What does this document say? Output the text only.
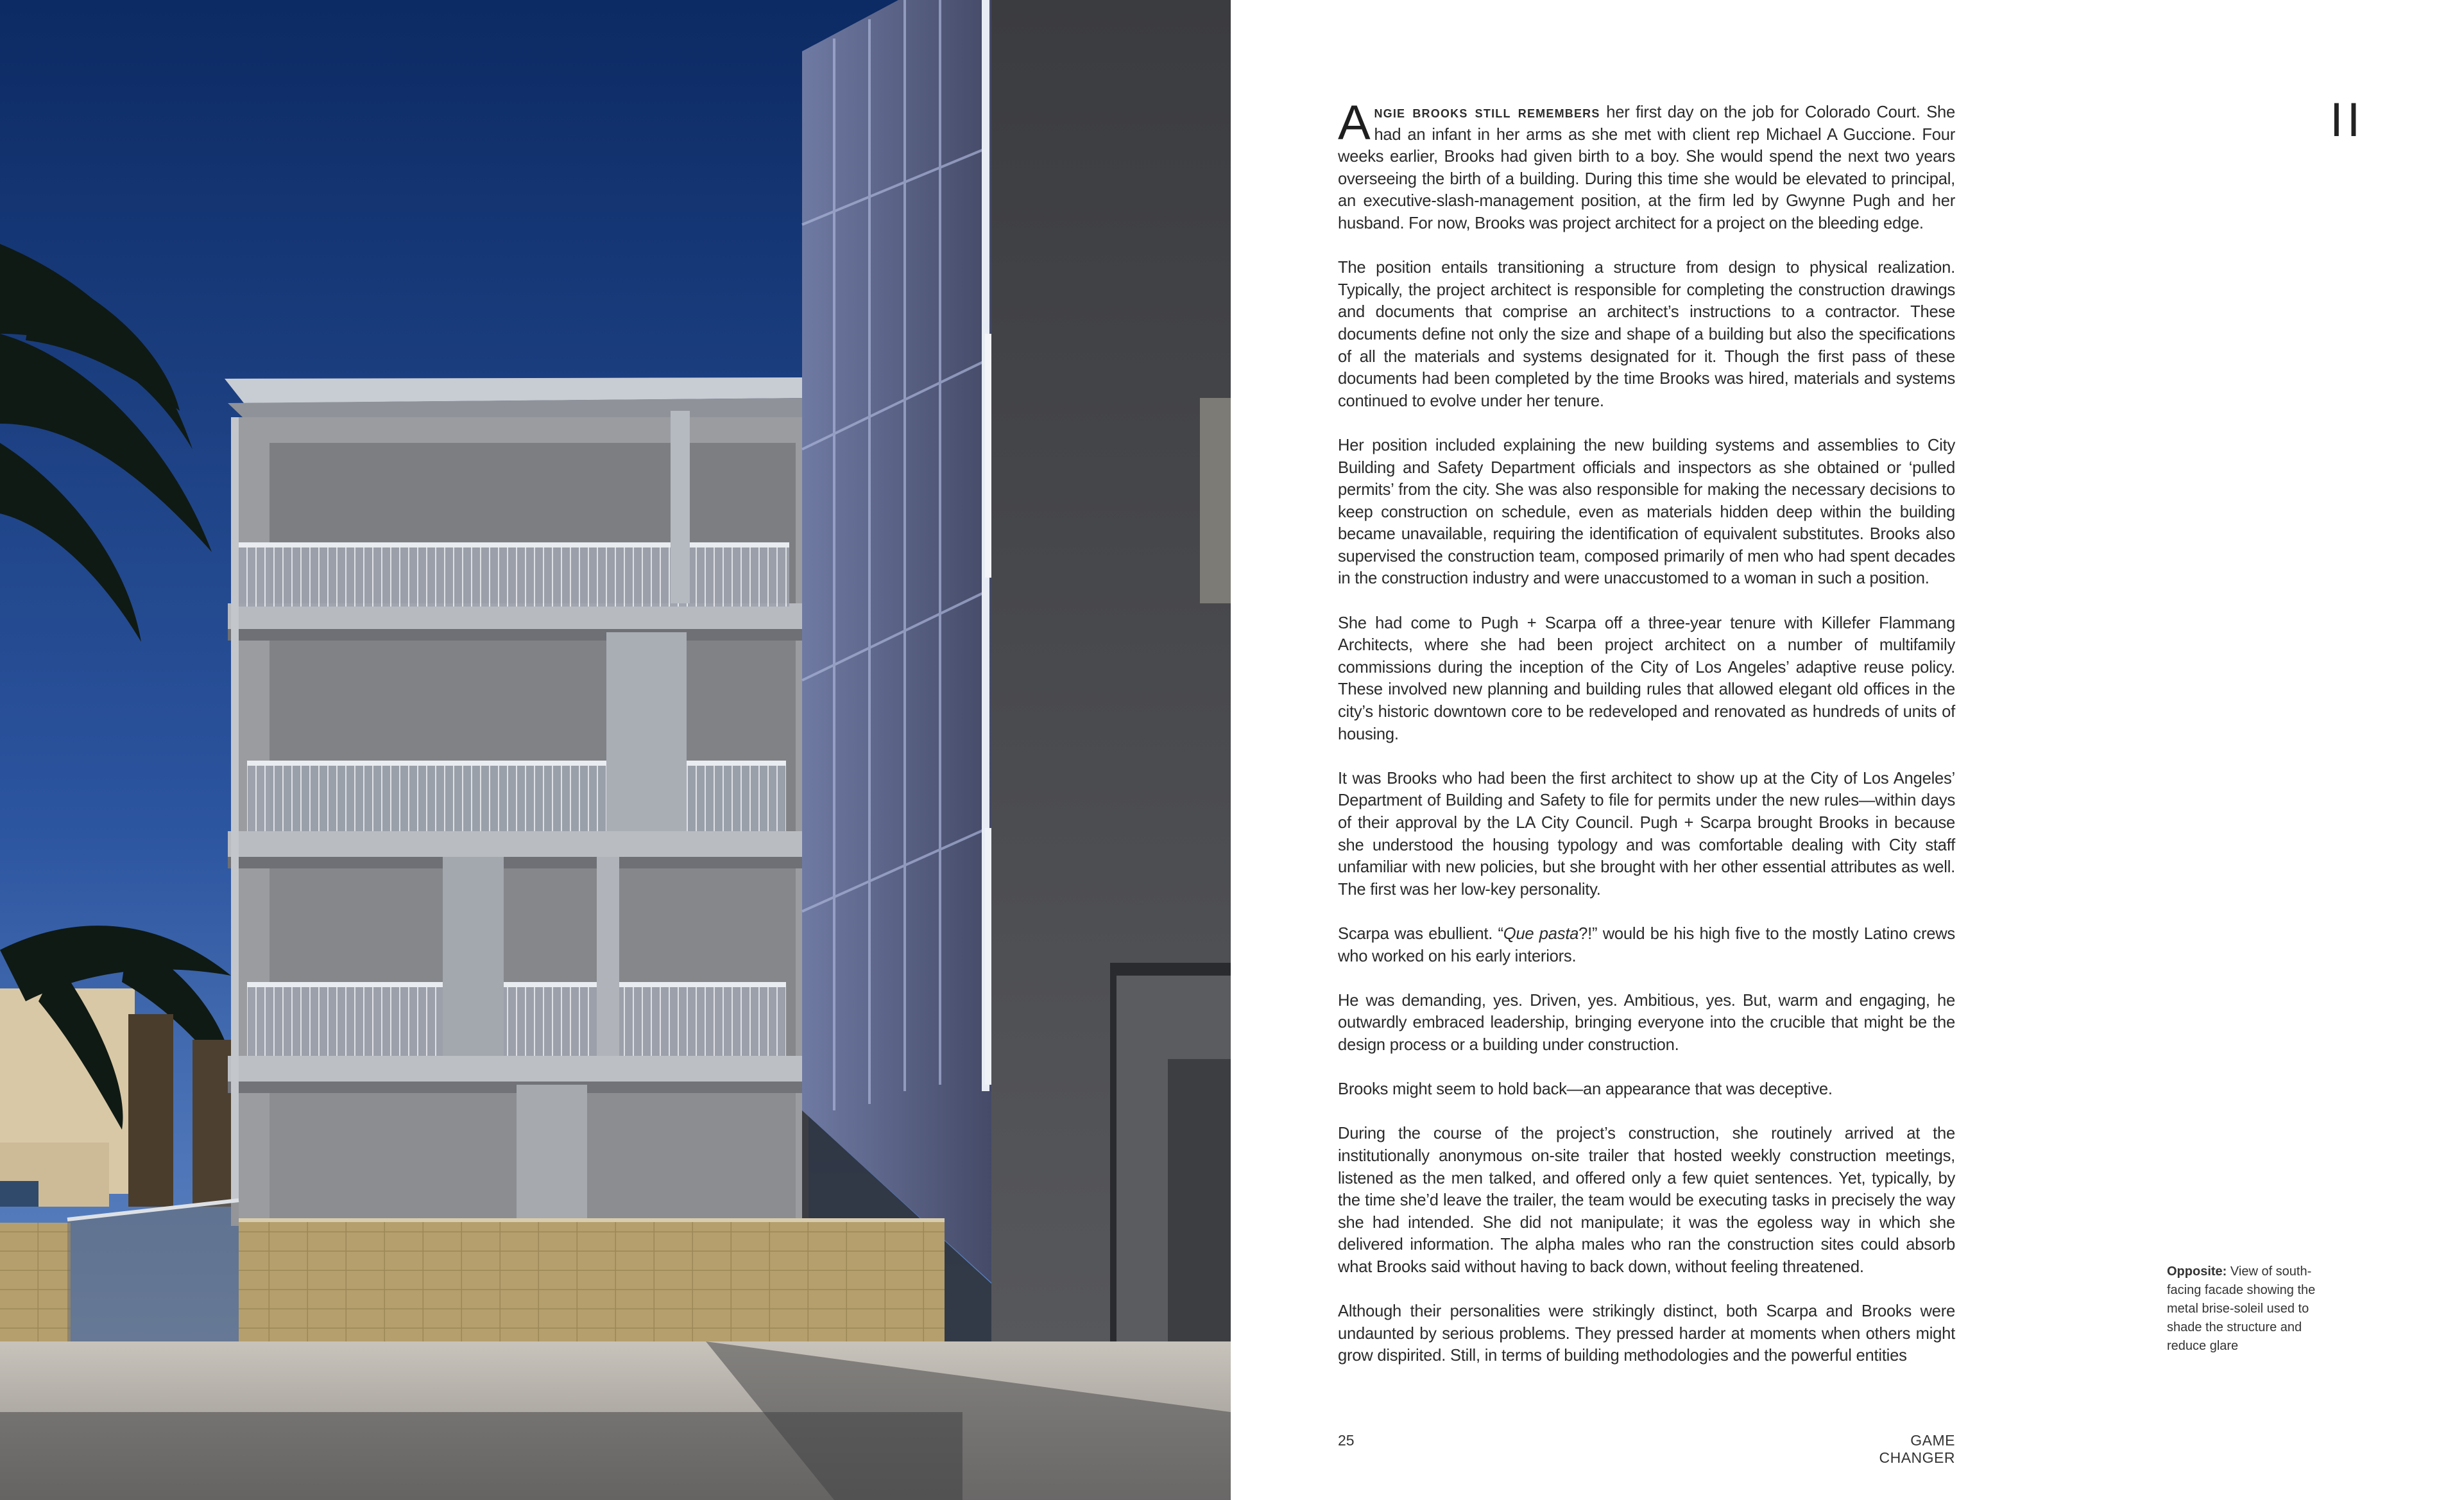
II

Angie brooks still remembers her first day on the job for Colorado Court. She had an infant in her arms as she met with client rep Michael A Guccione. Four weeks earlier, Brooks had given birth to a boy. She would spend the next two years overseeing the birth of a building. During this time she would be elevated to principal, an executive-slash-management position, at the firm led by Gwynne Pugh and her husband. For now, Brooks was project architect for a project on the bleeding edge.

The position entails transitioning a structure from design to physical realization. Typically, the project architect is responsible for completing the construction drawings and documents that comprise an architect’s instructions to a contractor. These documents define not only the size and shape of a building but also the specifications of all the materials and systems designated for it. Though the first pass of these documents had been completed by the time Brooks was hired, materials and systems continued to evolve under her tenure.

Her position included explaining the new building systems and assemblies to City Building and Safety Department officials and inspectors as she obtained or ‘pulled permits’ from the city. She was also responsible for making the necessary decisions to keep construction on schedule, even as materials hidden deep within the building became unavailable, requiring the identification of equivalent substitutes. Brooks also supervised the construction team, composed primarily of men who had spent decades in the construction industry and were unaccustomed to a woman in such a position.

She had come to Pugh + Scarpa off a three-year tenure with Killefer Flammang Architects, where she had been project architect on a number of multifamily commissions during the inception of the City of Los Angeles’ adaptive reuse policy. These involved new planning and building rules that allowed elegant old offices in the city’s historic downtown core to be redeveloped and renovated as hundreds of units of housing.

It was Brooks who had been the first architect to show up at the City of Los Angeles’ Department of Building and Safety to file for permits under the new rules—within days of their approval by the LA City Council. Pugh + Scarpa brought Brooks in because she understood the housing typology and was comfortable dealing with City staff unfamiliar with new policies, but she brought with her other essential attributes as well. The first was her low-key personality.

Scarpa was ebullient. “Que pasta?!” would be his high five to the mostly Latino crews who worked on his early interiors.

He was demanding, yes. Driven, yes. Ambitious, yes. But, warm and engaging, he outwardly embraced leadership, bringing everyone into the crucible that might be the design process or a building under construction.

Brooks might seem to hold back—an appearance that was deceptive.

During the course of the project’s construction, she routinely arrived at the institutionally anonymous on-site trailer that hosted weekly construction meetings, listened as the men talked, and offered only a few quiet sentences. Yet, typically, by the time she’d leave the trailer, the team would be executing tasks in precisely the way she had intended. She did not manipulate; it was the egoless way in which she delivered information. The alpha males who ran the construction sites could absorb what Brooks said without having to back down, without feeling threatened.

Although their personalities were strikingly distinct, both Scarpa and Brooks were undaunted by serious problems. They pressed harder at moments when others might grow dispirited. Still, in terms of building methodologies and the powerful entities

Opposite: View of south-facing facade showing the metal brise-soleil used to shade the structure and reduce glare
25	GAME CHANGER
